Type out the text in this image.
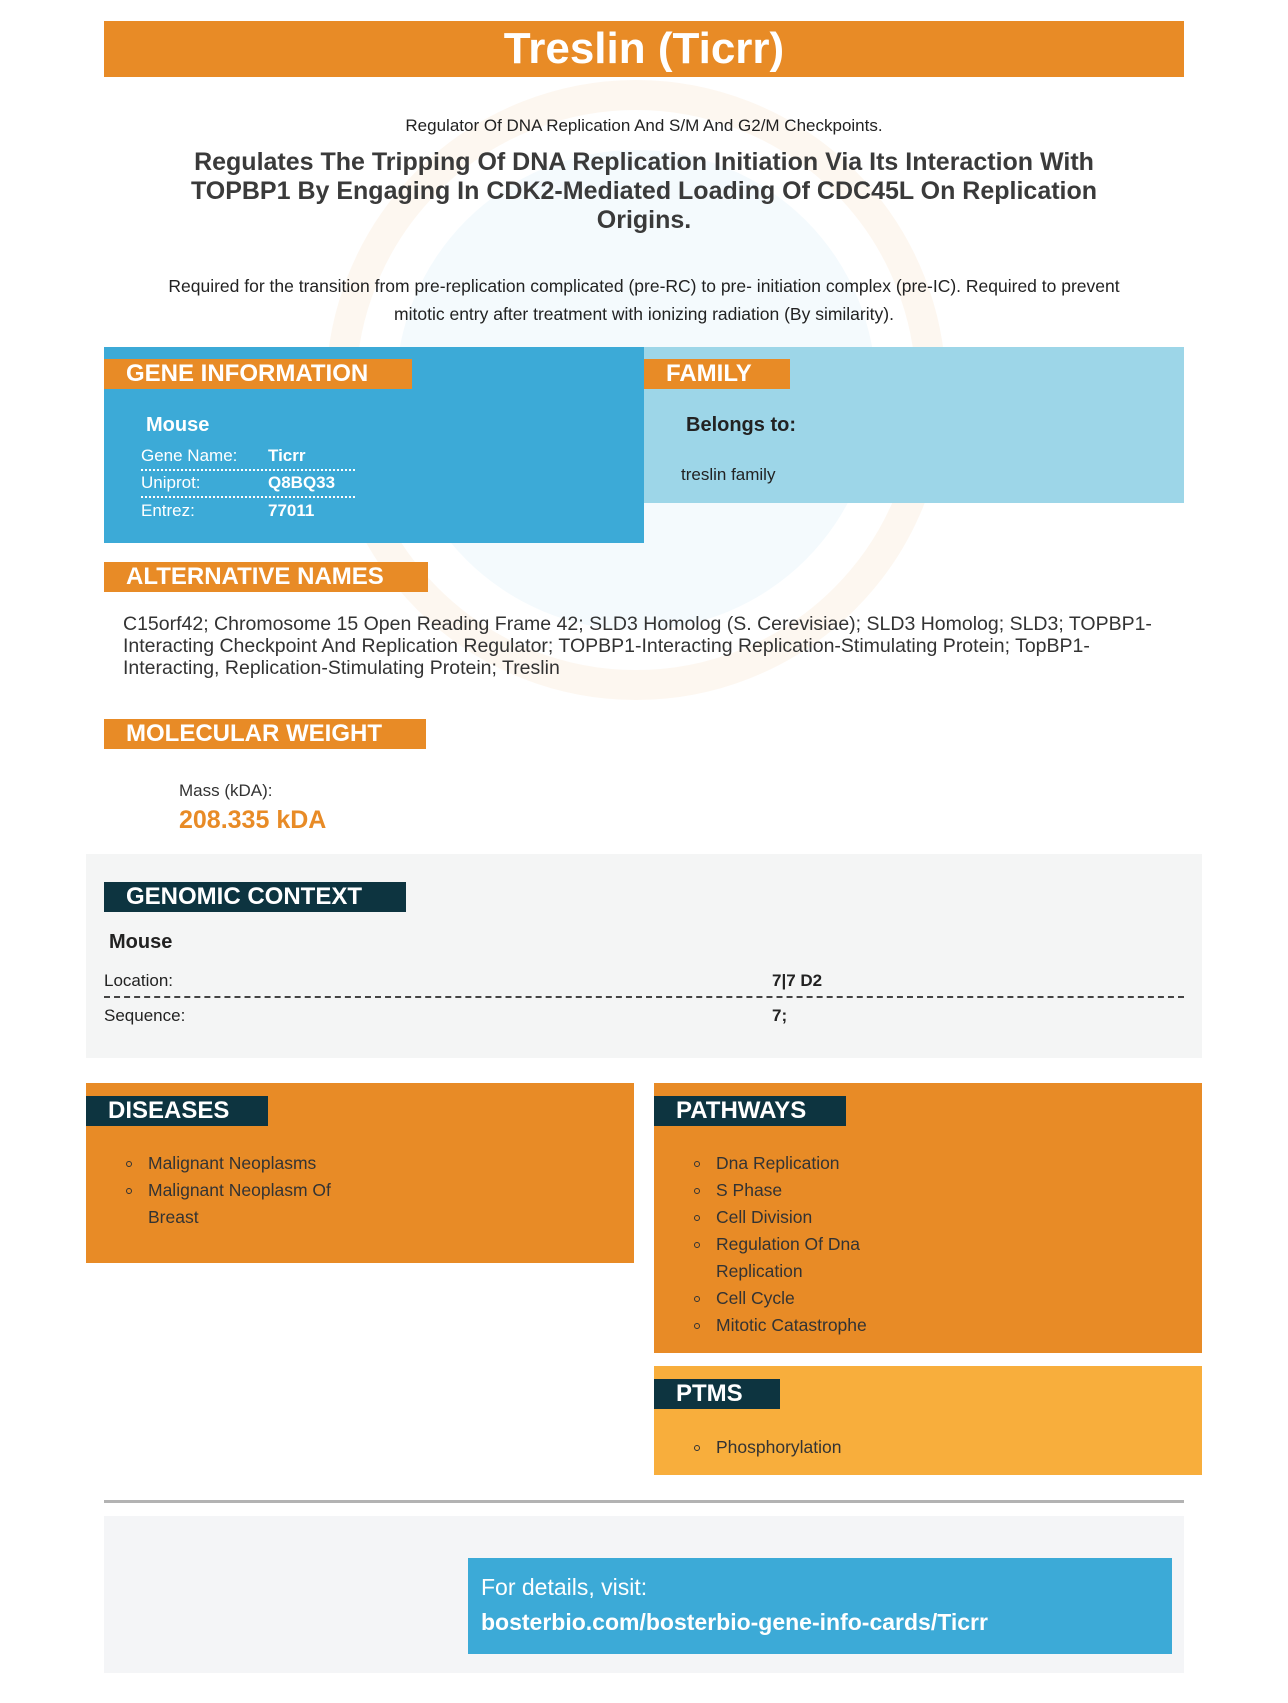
Treslin (Ticrr)
Regulator Of DNA Replication And S/M And G2/M Checkpoints.
Regulates The Tripping Of DNA Replication Initiation Via Its Interaction With TOPBP1 By Engaging In CDK2-Mediated Loading Of CDC45L On Replication Origins.
Required for the transition from pre-replication complicated (pre-RC) to pre- initiation complex (pre-IC). Required to prevent mitotic entry after treatment with ionizing radiation (By similarity).
GENE INFORMATION
Mouse
Gene Name: Ticrr
Uniprot:	Q8BQ33
Entrez:	77011
FAMILY
Belongs to:
treslin family
ALTERNATIVE NAMES
C15orf42; Chromosome 15 Open Reading Frame 42; SLD3 Homolog (S. Cerevisiae); SLD3 Homolog; SLD3; TOPBP1-Interacting Checkpoint And Replication Regulator; TOPBP1-Interacting Replication-Stimulating Protein; TopBP1-Interacting, Replication-Stimulating Protein; Treslin
MOLECULAR WEIGHT
Mass (kDA):
208.335 kDA
GENOMIC CONTEXT
Mouse
Location:	7|7 D2
Sequence:	7;
DISEASES
Malignant Neoplasms
Malignant Neoplasm Of Breast
PATHWAYS
Dna Replication
S Phase
Cell Division
Regulation Of Dna Replication
Cell Cycle
Mitotic Catastrophe
PTMS
Phosphorylation
For details, visit:
bosterbio.com/bosterbio-gene-info-cards/Ticrr
